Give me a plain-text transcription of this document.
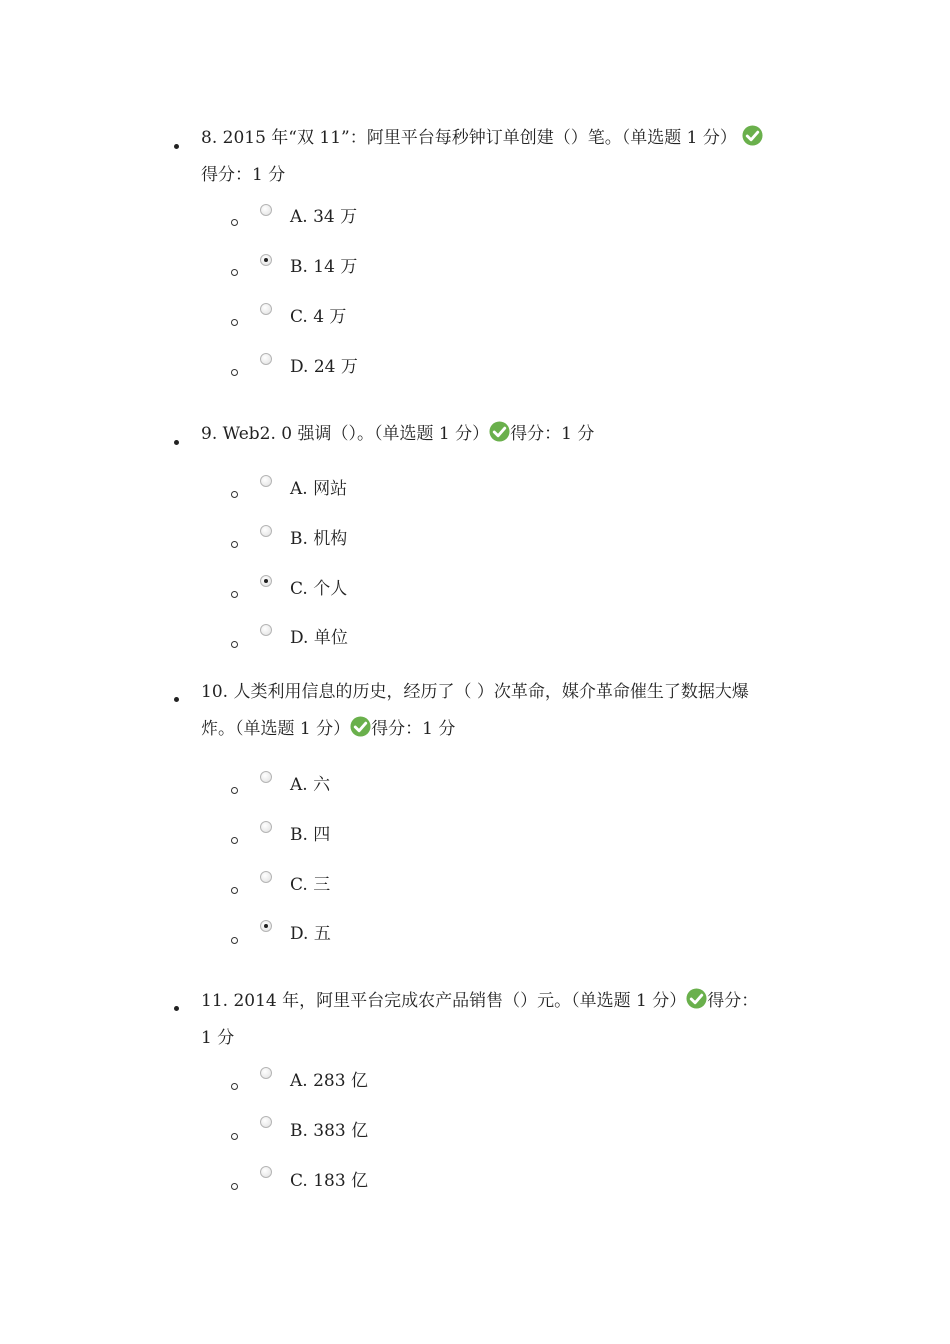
8. 2015 年“双 11”：阿里平台每秒钟订单创建（）笔。（单选题 1 分）
得分：1 分
A. 34 万
B. 14 万
C. 4 万
D. 24 万
9. Web2. 0 强调（）。（单选题 1 分） 得分：1 分
A. 网站
B. 机构
C. 个人
D. 单位
10. 人类利用信息的历史，经历了（ ）次革命，媒介革命催生了数据大爆
炸。（单选题 1 分） 得分：1 分
A. 六
B. 四
C. 三
D. 五
11. 2014 年，阿里平台完成农产品销售（）元。（单选题 1 分） 得分：
1 分
A. 283 亿
B. 383 亿
C. 183 亿
